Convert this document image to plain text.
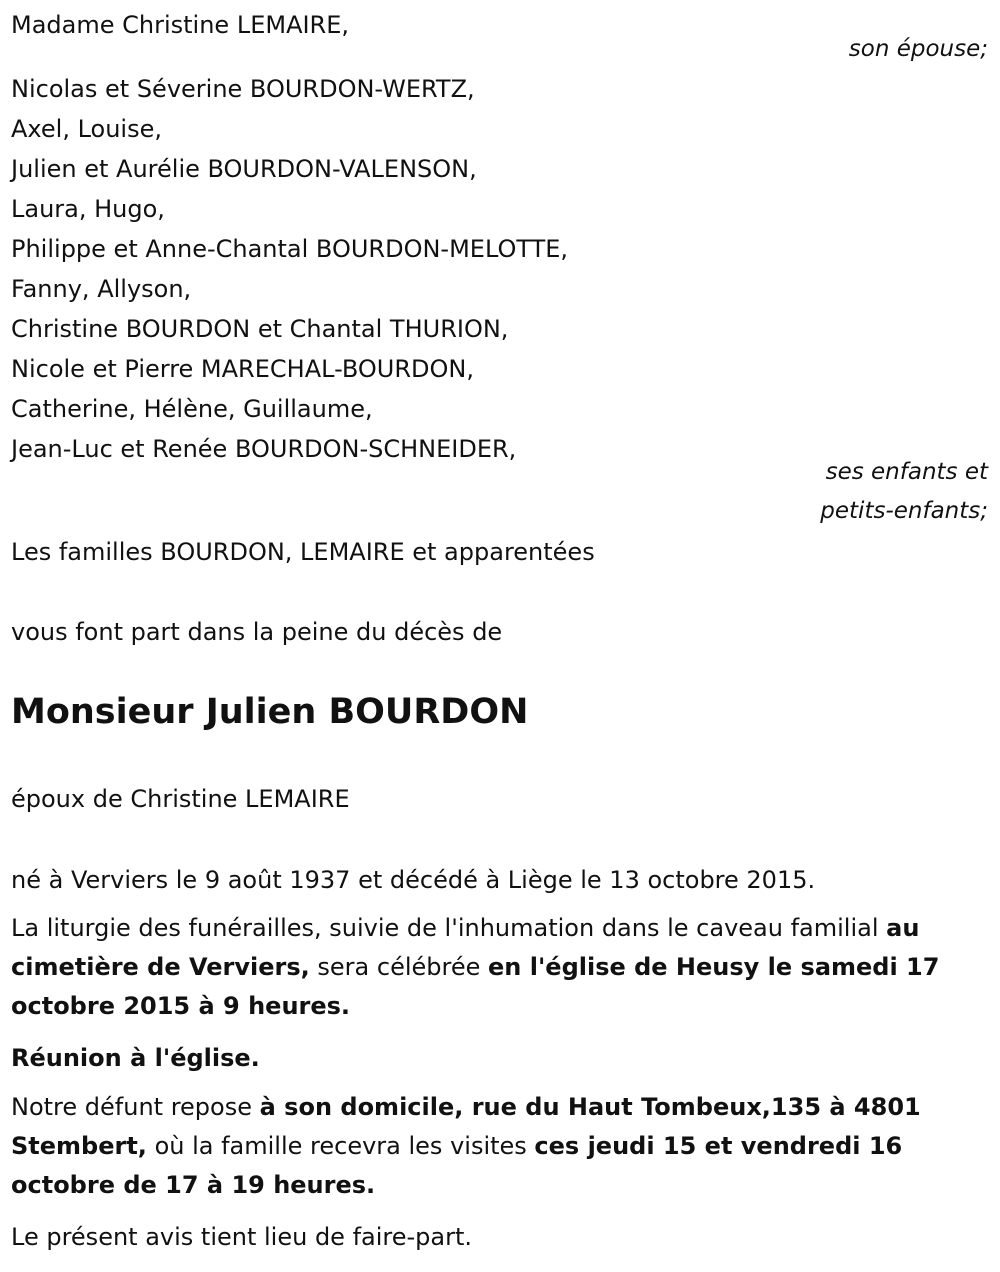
Madame Christine LEMAIRE,
son épouse;
Nicolas et Séverine BOURDON-WERTZ,
Axel, Louise,
Julien et Aurélie BOURDON-VALENSON,
Laura, Hugo,
Philippe et Anne-Chantal BOURDON-MELOTTE,
Fanny, Allyson,
Christine BOURDON et Chantal THURION,
Nicole et Pierre MARECHAL-BOURDON,
Catherine, Hélène, Guillaume,
Jean-Luc et Renée BOURDON-SCHNEIDER,
ses enfants et
petits-enfants;
Les familles BOURDON, LEMAIRE et apparentées
vous font part dans la peine du décès de
Monsieur Julien BOURDON
époux de Christine LEMAIRE
né à Verviers le 9 août 1937 et décédé à Liège le 13 octobre 2015.
La liturgie des funérailles, suivie de l'inhumation dans le caveau familial au cimetière de Verviers, sera célébrée en l'église de Heusy le samedi 17 octobre 2015 à 9 heures.
Réunion à l'église.
Notre défunt repose à son domicile, rue du Haut Tombeux,135 à 4801 Stembert, où la famille recevra les visites ces jeudi 15 et vendredi 16 octobre de 17 à 19 heures.
Le présent avis tient lieu de faire-part.
